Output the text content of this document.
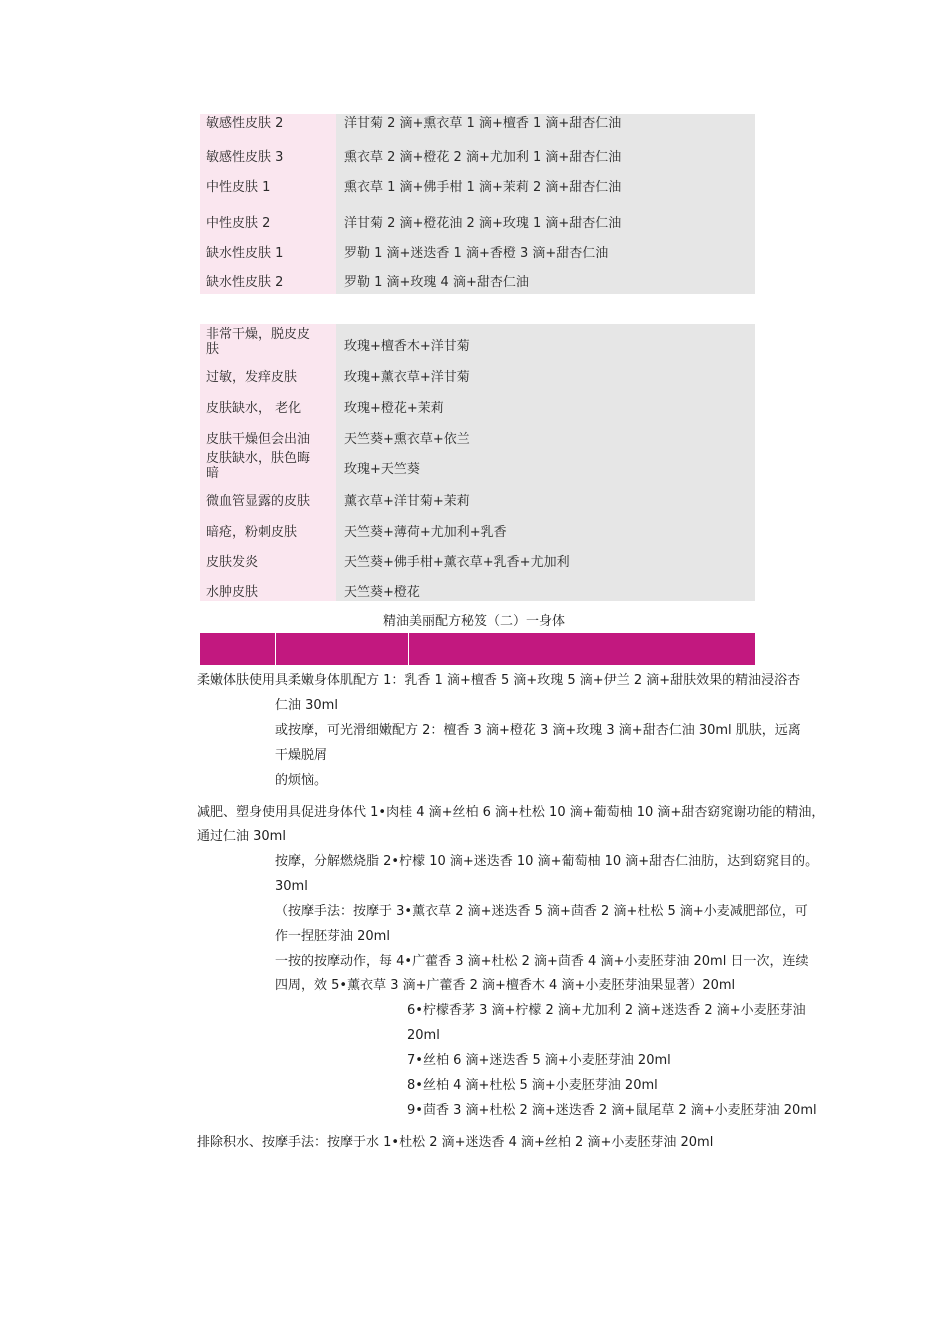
敏感性皮肤 2	洋甘菊 2 滴+熏衣草 1 滴+檀香 1 滴+甜杏仁油
敏感性皮肤 3	熏衣草 2 滴+橙花 2 滴+尤加利 1 滴+甜杏仁油
中性皮肤 1	熏衣草 1 滴+佛手柑 1 滴+茉莉 2 滴+甜杏仁油
中性皮肤 2	洋甘菊 2 滴+橙花油 2 滴+玫瑰 1 滴+甜杏仁油
缺水性皮肤 1	罗勒 1 滴+迷迭香 1 滴+香橙 3 滴+甜杏仁油
缺水性皮肤 2	罗勒 1 滴+玫瑰 4 滴+甜杏仁油
非常干燥，脱皮皮
肤	玫瑰+檀香木+洋甘菊
过敏，发痒皮肤	玫瑰+薰衣草+洋甘菊
皮肤缺水， 老化	玫瑰+橙花+茉莉
皮肤干燥但会出油	天竺葵+熏衣草+依兰
皮肤缺水，肤色晦
暗	玫瑰+天竺葵
微血管显露的皮肤	薰衣草+洋甘菊+茉莉
暗疮，粉刺皮肤	天竺葵+薄荷+尤加利+乳香
皮肤发炎	天竺葵+佛手柑+薰衣草+乳香+尤加利
水肿皮肤	天竺葵+橙花
精油美丽配方秘笈（二）一身体
柔嫩体肤使用具柔嫩身体肌配方 1：乳香 1 滴+檀香 5 滴+玫瑰 5 滴+伊兰 2 滴+甜肤效果的精油浸浴杏
仁油 30ml
或按摩，可光滑细嫩配方 2：檀香 3 滴+橙花 3 滴+玫瑰 3 滴+甜杏仁油 30ml 肌肤，远离
干燥脱屑
的烦恼。
减肥、塑身使用具促进身体代 1•肉桂 4 滴+丝柏 6 滴+杜松 10 滴+葡萄柚 10 滴+甜杏窈窕谢功能的精油，
通过仁油 30ml
按摩，分解燃烧脂 2•柠檬 10 滴+迷迭香 10 滴+葡萄柚 10 滴+甜杏仁油肪，达到窈窕目的。
30ml
（按摩手法：按摩于 3•薰衣草 2 滴+迷迭香 5 滴+茴香 2 滴+杜松 5 滴+小麦减肥部位，可
作一捏胚芽油 20ml
一按的按摩动作，每 4•广藿香 3 滴+杜松 2 滴+茴香 4 滴+小麦胚芽油 20ml 日一次，连续
四周，效 5•薰衣草 3 滴+广藿香 2 滴+檀香木 4 滴+小麦胚芽油果显著）20ml
6•柠檬香茅 3 滴+柠檬 2 滴+尤加利 2 滴+迷迭香 2 滴+小麦胚芽油
20ml
7•丝柏 6 滴+迷迭香 5 滴+小麦胚芽油 20ml
8•丝柏 4 滴+杜松 5 滴+小麦胚芽油 20ml
9•茴香 3 滴+杜松 2 滴+迷迭香 2 滴+鼠尾草 2 滴+小麦胚芽油 20ml
排除积水、按摩手法：按摩于水 1•杜松 2 滴+迷迭香 4 滴+丝柏 2 滴+小麦胚芽油 20ml
